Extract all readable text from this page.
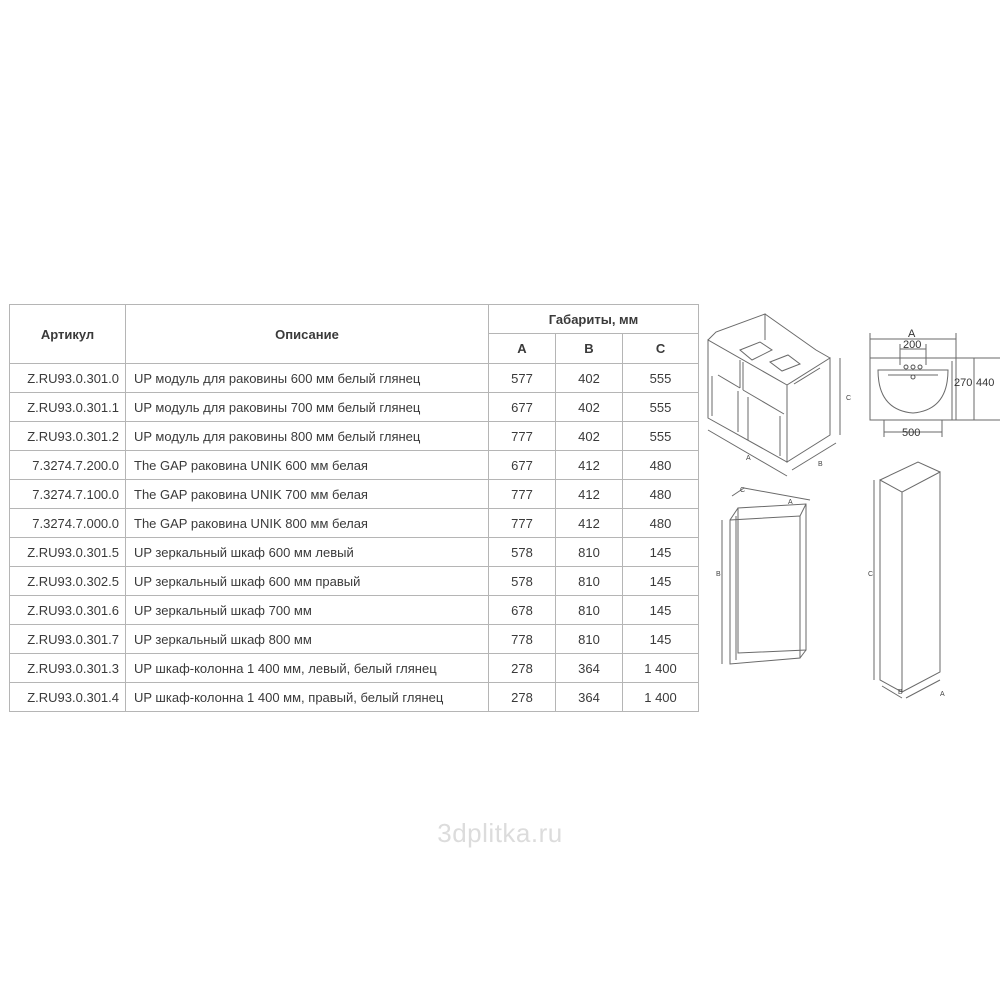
Артикул	Описание	Габариты, мм		
		A	B	C
Z.RU93.0.301.0	UP модуль для раковины 600 мм белый глянец	577	402	555
Z.RU93.0.301.1	UP модуль для раковины 700 мм белый глянец	677	402	555
Z.RU93.0.301.2	UP модуль для раковины 800 мм белый глянец	777	402	555
7.3274.7.200.0	The GAP раковина UNIK 600 мм белая	677	412	480
7.3274.7.100.0	The GAP раковина UNIK 700 мм белая	777	412	480
7.3274.7.000.0	The GAP раковина UNIK 800 мм белая	777	412	480
Z.RU93.0.301.5	UP зеркальный шкаф 600 мм левый	578	810	145
Z.RU93.0.302.5	UP зеркальный шкаф 600 мм правый	578	810	145
Z.RU93.0.301.6	UP зеркальный шкаф 700 мм	678	810	145
Z.RU93.0.301.7	UP зеркальный шкаф 800 мм	778	810	145
Z.RU93.0.301.3	UP шкаф-колонна 1 400 мм, левый, белый глянец	278	364	1 400
Z.RU93.0.301.4	UP шкаф-колонна 1 400 мм, правый, белый глянец	278	364	1 400
A
B
C
A
200
270 440
500
B
C
A
C
B	A
3dplitka.ru
